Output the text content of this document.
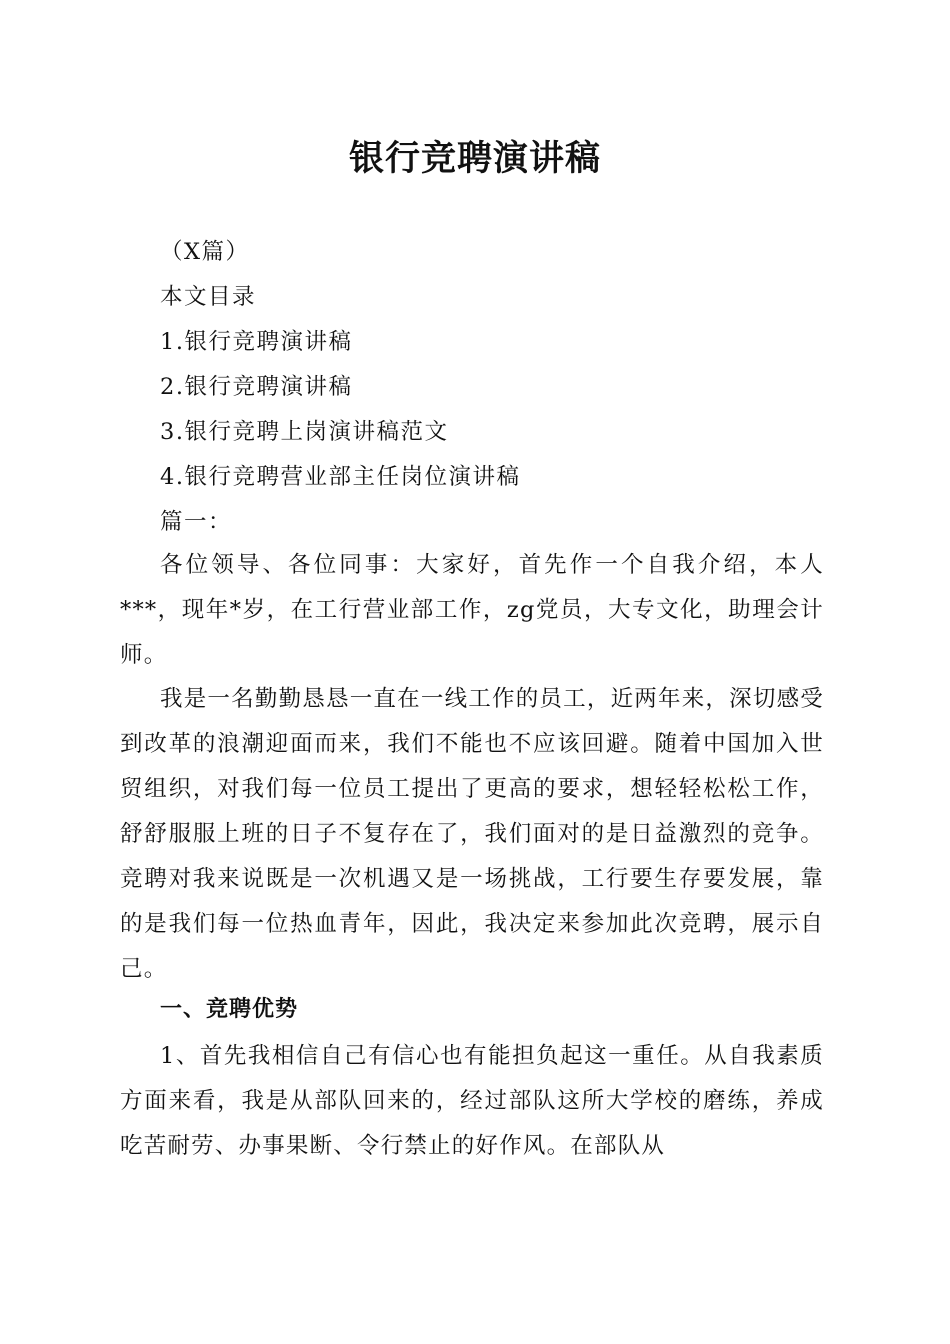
银行竞聘演讲稿
（X篇）
本文目录
1.银行竞聘演讲稿
2.银行竞聘演讲稿
3.银行竞聘上岗演讲稿范文
4.银行竞聘营业部主任岗位演讲稿
篇一：
各位领导、各位同事：大家好，首先作一个自我介绍，本人***，现年*岁，在工行营业部工作，zg党员，大专文化，助理会计师。
我是一名勤勤恳恳一直在一线工作的员工，近两年来，深切感受到改革的浪潮迎面而来，我们不能也不应该回避。随着中国加入世贸组织，对我们每一位员工提出了更高的要求，想轻轻松松工作，舒舒服服上班的日子不复存在了，我们面对的是日益激烈的竞争。竞聘对我来说既是一次机遇又是一场挑战，工行要生存要发展，靠的是我们每一位热血青年，因此，我决定来参加此次竞聘，展示自己。
一、竞聘优势
1、首先我相信自己有信心也有能担负起这一重任。从自我素质方面来看，我是从部队回来的，经过部队这所大学校的磨练，养成吃苦耐劳、办事果断、令行禁止的好作风。在部队从
